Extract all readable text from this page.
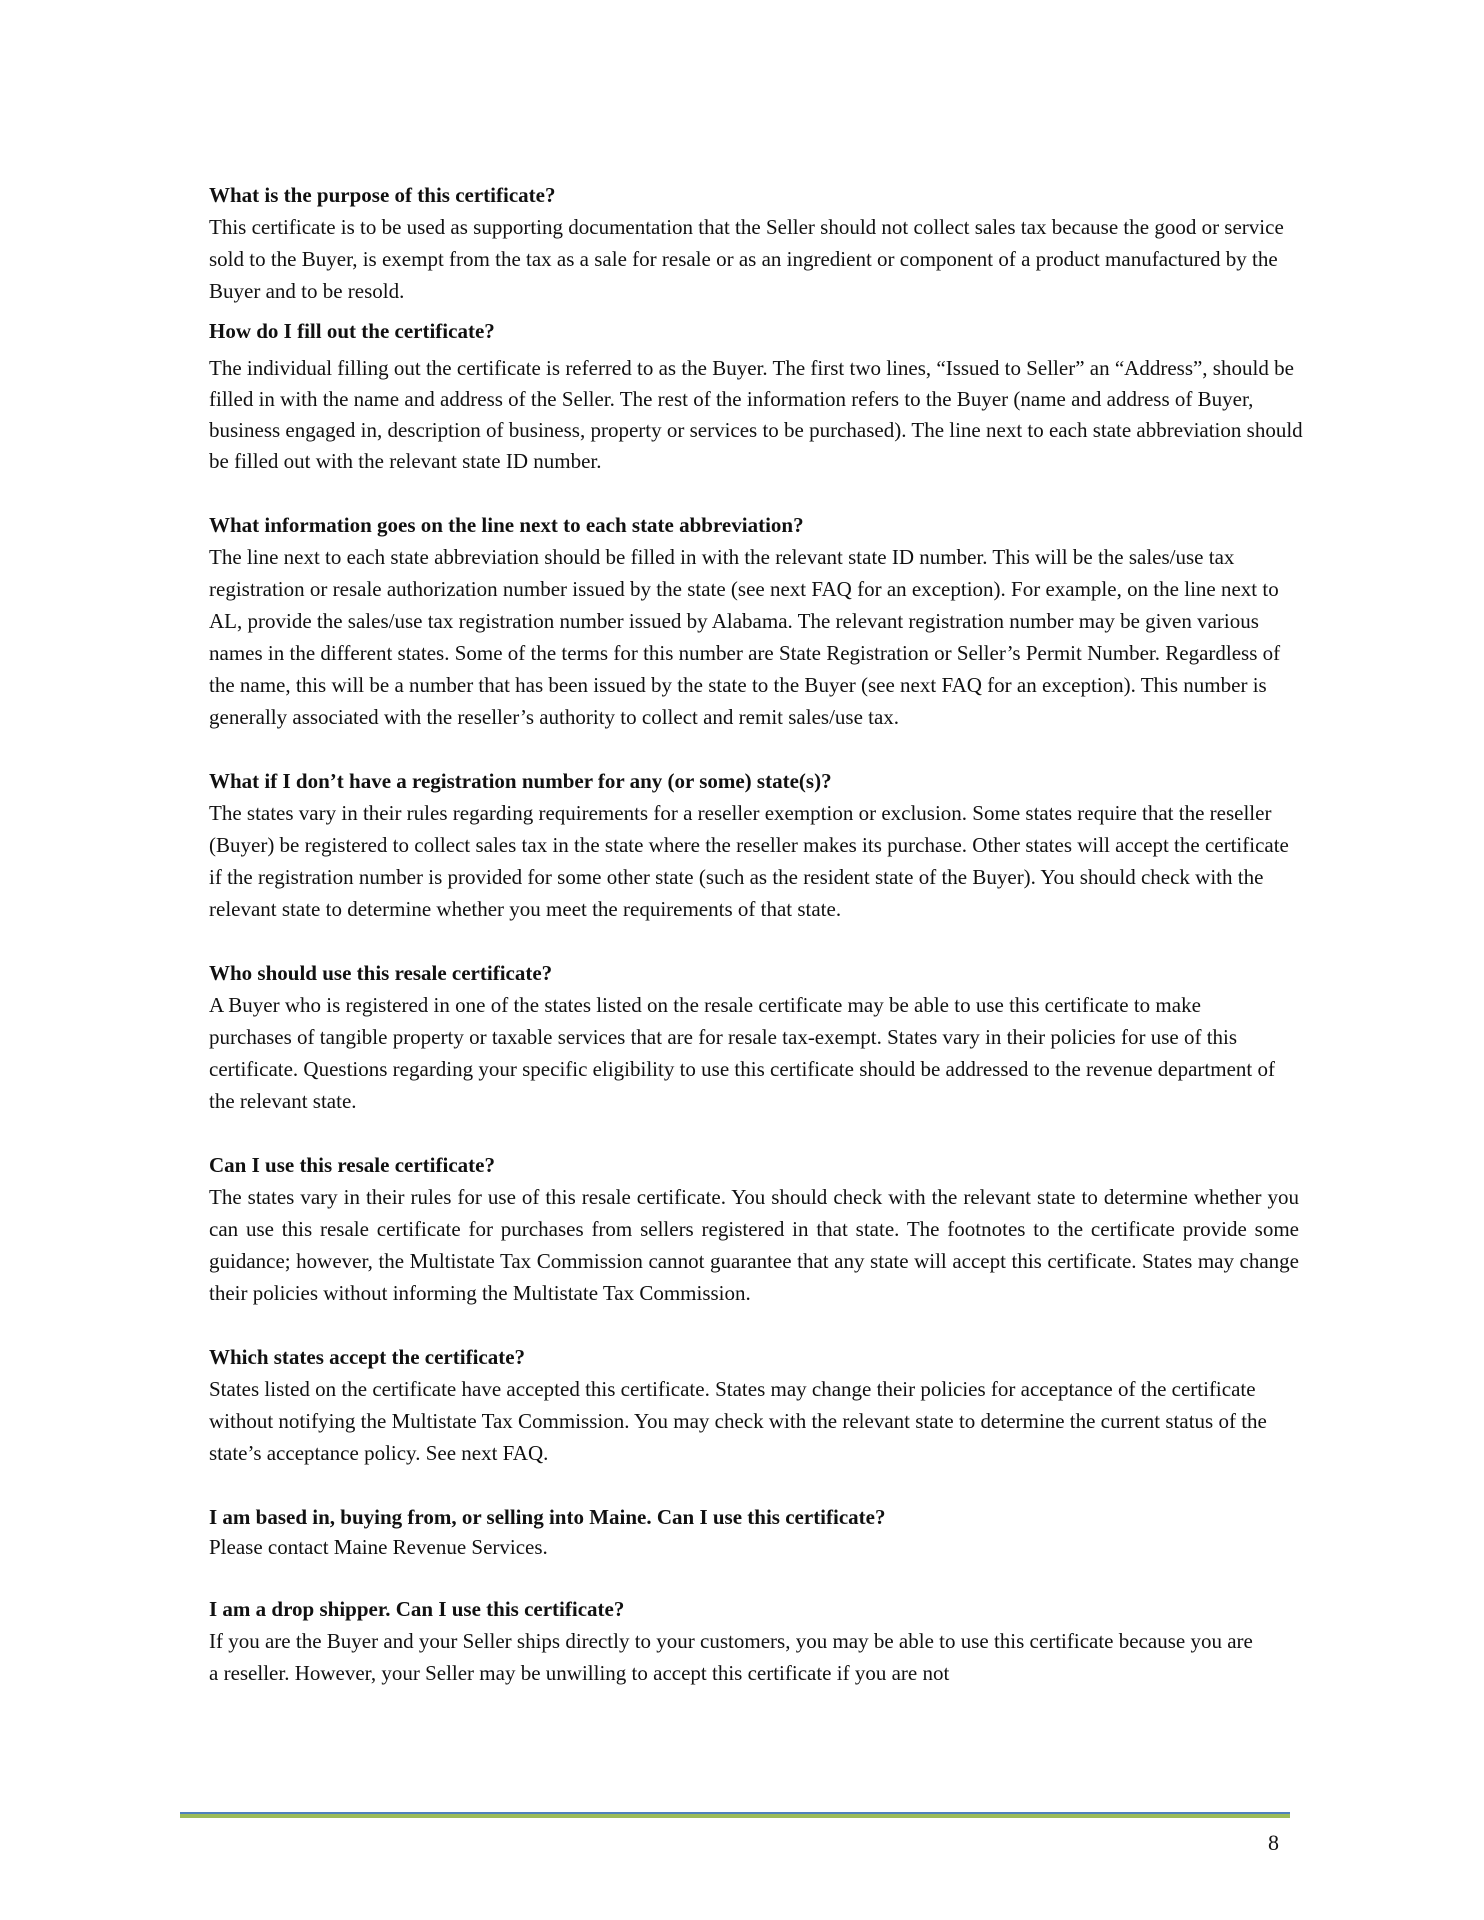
What is the purpose of this certificate?

This certificate is to be used as supporting documentation that the Seller should not collect sales tax because the good or service sold to the Buyer, is exempt from the tax as a sale for resale or as an ingredient or component of a product manufactured by the Buyer and to be resold.

How do I fill out the certificate?

The individual filling out the certificate is referred to as the Buyer. The first two lines, “Issued to Seller” an “Address”, should be filled in with the name and address of the Seller. The rest of the information refers to the Buyer (name and address of Buyer, business engaged in, description of business, property or services to be purchased). The line next to each state abbreviation should be filled out with the relevant state ID number.

What information goes on the line next to each state abbreviation?

The line next to each state abbreviation should be filled in with the relevant state ID number. This will be the sales/use tax registration or resale authorization number issued by the state (see next FAQ for an exception). For example, on the line next to AL, provide the sales/use tax registration number issued by Alabama. The relevant registration number may be given various names in the different states. Some of the terms for this number are State Registration or Seller’s Permit Number. Regardless of the name, this will be a number that has been issued by the state to the Buyer (see next FAQ for an exception). This number is generally associated with the reseller’s authority to collect and remit sales/use tax.

What if I don’t have a registration number for any (or some) state(s)?

The states vary in their rules regarding requirements for a reseller exemption or exclusion. Some states require that the reseller (Buyer) be registered to collect sales tax in the state where the reseller makes its purchase. Other states will accept the certificate if the registration number is provided for some other state (such as the resident state of the Buyer). You should check with the relevant state to determine whether you meet the requirements of that state.

Who should use this resale certificate?

A Buyer who is registered in one of the states listed on the resale certificate may be able to use this certificate to make purchases of tangible property or taxable services that are for resale tax-exempt. States vary in their policies for use of this certificate. Questions regarding your specific eligibility to use this certificate should be addressed to the revenue department of the relevant state.

Can I use this resale certificate?

The states vary in their rules for use of this resale certificate. You should check with the relevant state to determine whether you can use this resale certificate for purchases from sellers registered in that state. The footnotes to the certificate provide some guidance; however, the Multistate Tax Commission cannot guarantee that any state will accept this certificate. States may change their policies without informing the Multistate Tax Commission.

Which states accept the certificate?

States listed on the certificate have accepted this certificate. States may change their policies for acceptance of the certificate without notifying the Multistate Tax Commission. You may check with the relevant state to determine the current status of the state’s acceptance policy. See next FAQ.

I am based in, buying from, or selling into Maine. Can I use this certificate?

Please contact Maine Revenue Services.

I am a drop shipper. Can I use this certificate?

If you are the Buyer and your Seller ships directly to your customers, you may be able to use this certificate because you are a reseller. However, your Seller may be unwilling to accept this certificate if you are not

8
